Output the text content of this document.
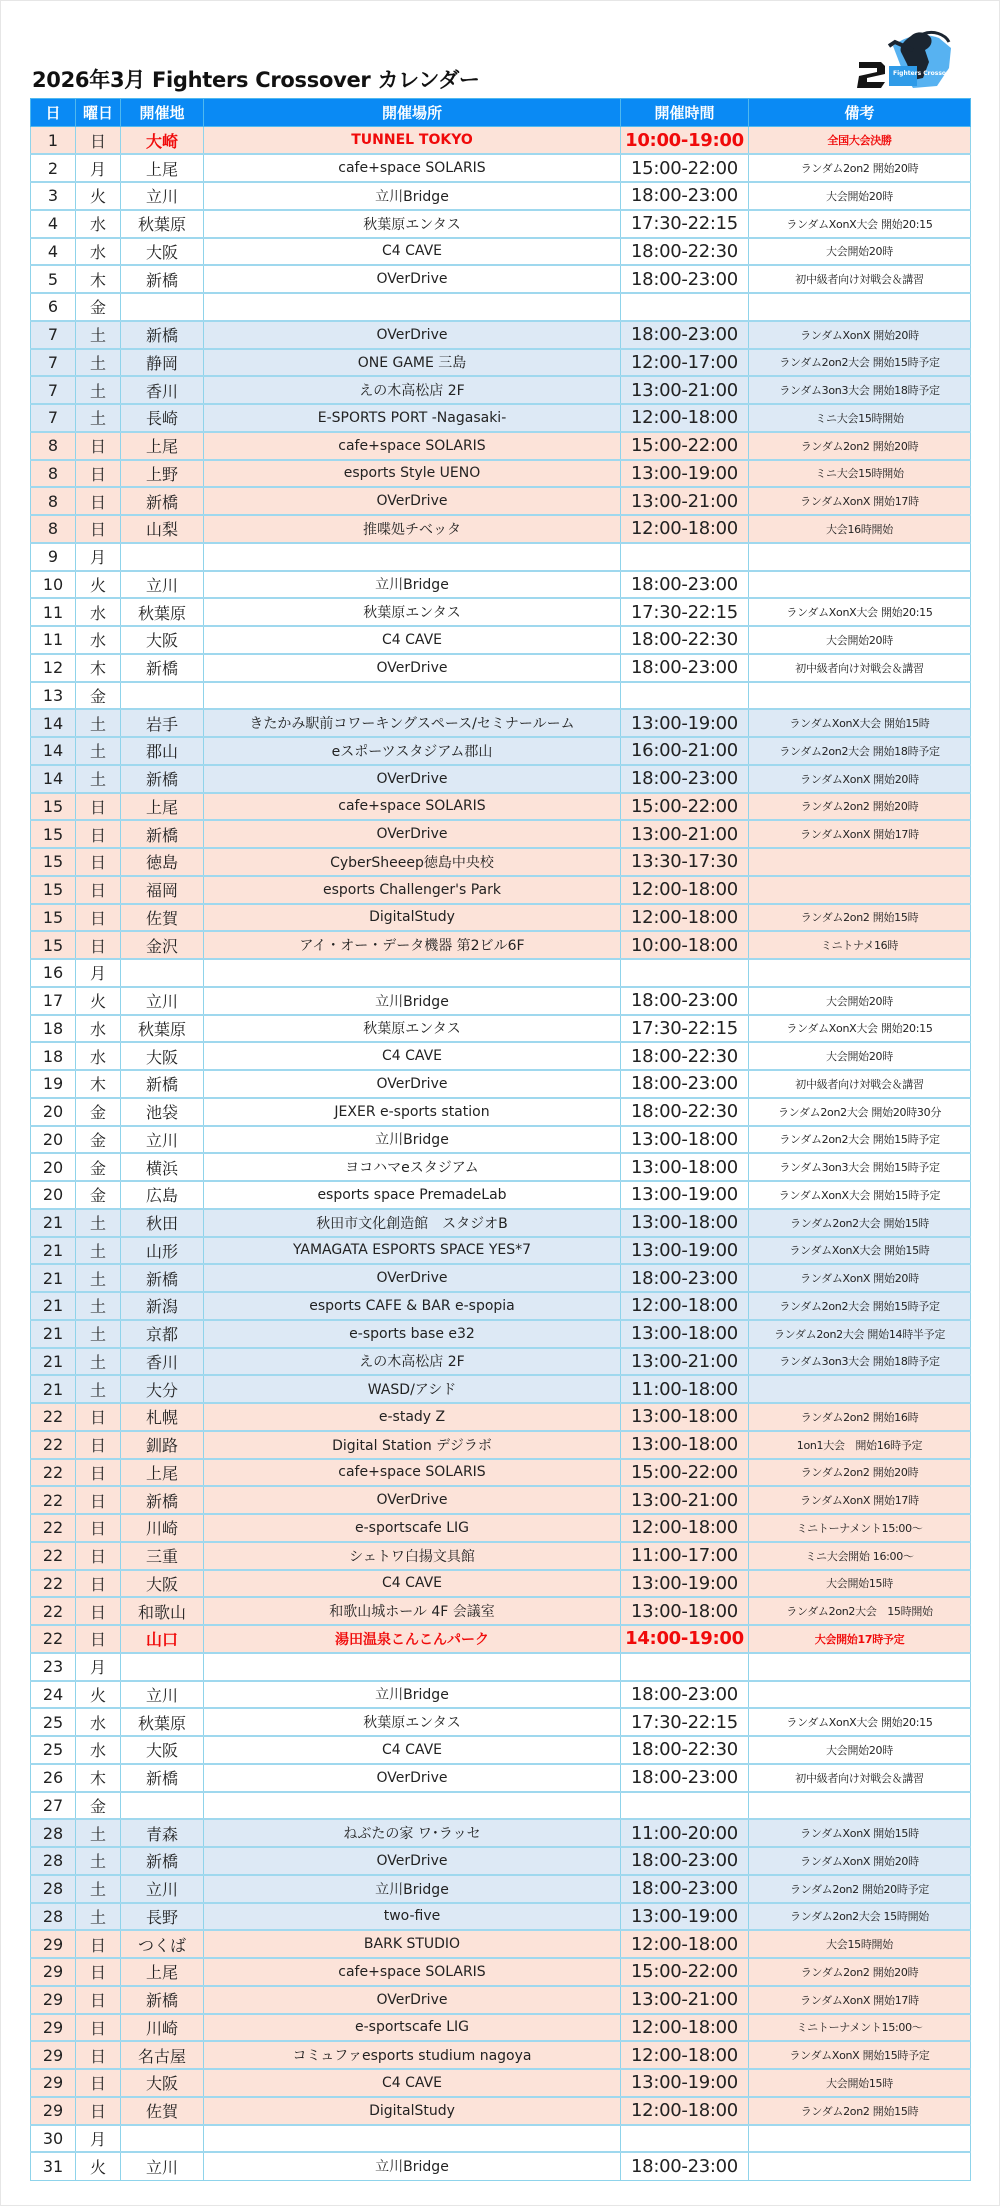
2026年3月 Fighters Crossover カレンダー	Fighters Crossover
日	曜日	開催地	開催場所	開催時間	備考
1	日	大崎	TUNNEL TOKYO	10:00-19:00	全国大会決勝
2	月	上尾	cafe+space SOLARIS	15:00-22:00	ランダム2on2 開始20時
3	火	立川	立川Bridge	18:00-23:00	大会開始20時
4	水	秋葉原	秋葉原エンタス	17:30-22:15	ランダムXonX大会 開始20:15
4	水	大阪	C4 CAVE	18:00-22:30	大会開始20時
5	木	新橋	OVerDrive	18:00-23:00	初中級者向け対戦会＆講習
6	金				
7	土	新橋	OVerDrive	18:00-23:00	ランダムXonX 開始20時
7	土	静岡	ONE GAME 三島	12:00-17:00	ランダム2on2大会 開始15時予定
7	土	香川	えの木高松店 2F	13:00-21:00	ランダム3on3大会 開始18時予定
7	土	長崎	E-SPORTS PORT -Nagasaki-	12:00-18:00	ミニ大会15時開始
8	日	上尾	cafe+space SOLARIS	15:00-22:00	ランダム2on2 開始20時
8	日	上野	esports Style UENO	13:00-19:00	ミニ大会15時開始
8	日	新橋	OVerDrive	13:00-21:00	ランダムXonX 開始17時
8	日	山梨	推喋処チベッタ	12:00-18:00	大会16時開始
9	月				
10	火	立川	立川Bridge	18:00-23:00	
11	水	秋葉原	秋葉原エンタス	17:30-22:15	ランダムXonX大会 開始20:15
11	水	大阪	C4 CAVE	18:00-22:30	大会開始20時
12	木	新橋	OVerDrive	18:00-23:00	初中級者向け対戦会＆講習
13	金				
14	土	岩手	きたかみ駅前コワーキングスペース/セミナールーム	13:00-19:00	ランダムXonX大会 開始15時
14	土	郡山	eスポーツスタジアム郡山	16:00-21:00	ランダム2on2大会 開始18時予定
14	土	新橋	OVerDrive	18:00-23:00	ランダムXonX 開始20時
15	日	上尾	cafe+space SOLARIS	15:00-22:00	ランダム2on2 開始20時
15	日	新橋	OVerDrive	13:00-21:00	ランダムXonX 開始17時
15	日	徳島	CyberSheeep徳島中央校	13:30-17:30	
15	日	福岡	esports Challenger's Park	12:00-18:00	
15	日	佐賀	DigitalStudy	12:00-18:00	ランダム2on2 開始15時
15	日	金沢	アイ・オー・データ機器 第2ビル6F	10:00-18:00	ミニトナメ16時
16	月				
17	火	立川	立川Bridge	18:00-23:00	大会開始20時
18	水	秋葉原	秋葉原エンタス	17:30-22:15	ランダムXonX大会 開始20:15
18	水	大阪	C4 CAVE	18:00-22:30	大会開始20時
19	木	新橋	OVerDrive	18:00-23:00	初中級者向け対戦会＆講習
20	金	池袋	JEXER e-sports station	18:00-22:30	ランダム2on2大会 開始20時30分
20	金	立川	立川Bridge	13:00-18:00	ランダム2on2大会 開始15時予定
20	金	横浜	ヨコハマeスタジアム	13:00-18:00	ランダム3on3大会 開始15時予定
20	金	広島	esports space PremadeLab	13:00-19:00	ランダムXonX大会 開始15時予定
21	土	秋田	秋田市文化創造館　スタジオB	13:00-18:00	ランダム2on2大会 開始15時
21	土	山形	YAMAGATA ESPORTS SPACE YES*7	13:00-19:00	ランダムXonX大会 開始15時
21	土	新橋	OVerDrive	18:00-23:00	ランダムXonX 開始20時
21	土	新潟	esports CAFE & BAR e-spopia	12:00-18:00	ランダム2on2大会 開始15時予定
21	土	京都	e-sports base e32	13:00-18:00	ランダム2on2大会 開始14時半予定
21	土	香川	えの木高松店 2F	13:00-21:00	ランダム3on3大会 開始18時予定
21	土	大分	WASD/アシド	11:00-18:00	
22	日	札幌	e-stady Z	13:00-18:00	ランダム2on2 開始16時
22	日	釧路	Digital Station デジラボ	13:00-18:00	1on1大会　開始16時予定
22	日	上尾	cafe+space SOLARIS	15:00-22:00	ランダム2on2 開始20時
22	日	新橋	OVerDrive	13:00-21:00	ランダムXonX 開始17時
22	日	川崎	e-sportscafe LIG	12:00-18:00	ミニトーナメント15:00～
22	日	三重	シェトワ白揚文具館	11:00-17:00	ミニ大会開始 16:00～
22	日	大阪	C4 CAVE	13:00-19:00	大会開始15時
22	日	和歌山	和歌山城ホール 4F 会議室	13:00-18:00	ランダム2on2大会　15時開始
22	日	山口	湯田温泉こんこんパーク	14:00-19:00	大会開始17時予定
23	月				
24	火	立川	立川Bridge	18:00-23:00	
25	水	秋葉原	秋葉原エンタス	17:30-22:15	ランダムXonX大会 開始20:15
25	水	大阪	C4 CAVE	18:00-22:30	大会開始20時
26	木	新橋	OVerDrive	18:00-23:00	初中級者向け対戦会＆講習
27	金				
28	土	青森	ねぶたの家 ワ･ラッセ	11:00-20:00	ランダムXonX 開始15時
28	土	新橋	OVerDrive	18:00-23:00	ランダムXonX 開始20時
28	土	立川	立川Bridge	18:00-23:00	ランダム2on2 開始20時予定
28	土	長野	two-five	13:00-19:00	ランダム2on2大会 15時開始
29	日	つくば	BARK STUDIO	12:00-18:00	大会15時開始
29	日	上尾	cafe+space SOLARIS	15:00-22:00	ランダム2on2 開始20時
29	日	新橋	OVerDrive	13:00-21:00	ランダムXonX 開始17時
29	日	川崎	e-sportscafe LIG	12:00-18:00	ミニトーナメント15:00～
29	日	名古屋	コミュファesports studium nagoya	12:00-18:00	ランダムXonX 開始15時予定
29	日	大阪	C4 CAVE	13:00-19:00	大会開始15時
29	日	佐賀	DigitalStudy	12:00-18:00	ランダム2on2 開始15時
30	月				
31	火	立川	立川Bridge	18:00-23:00	
